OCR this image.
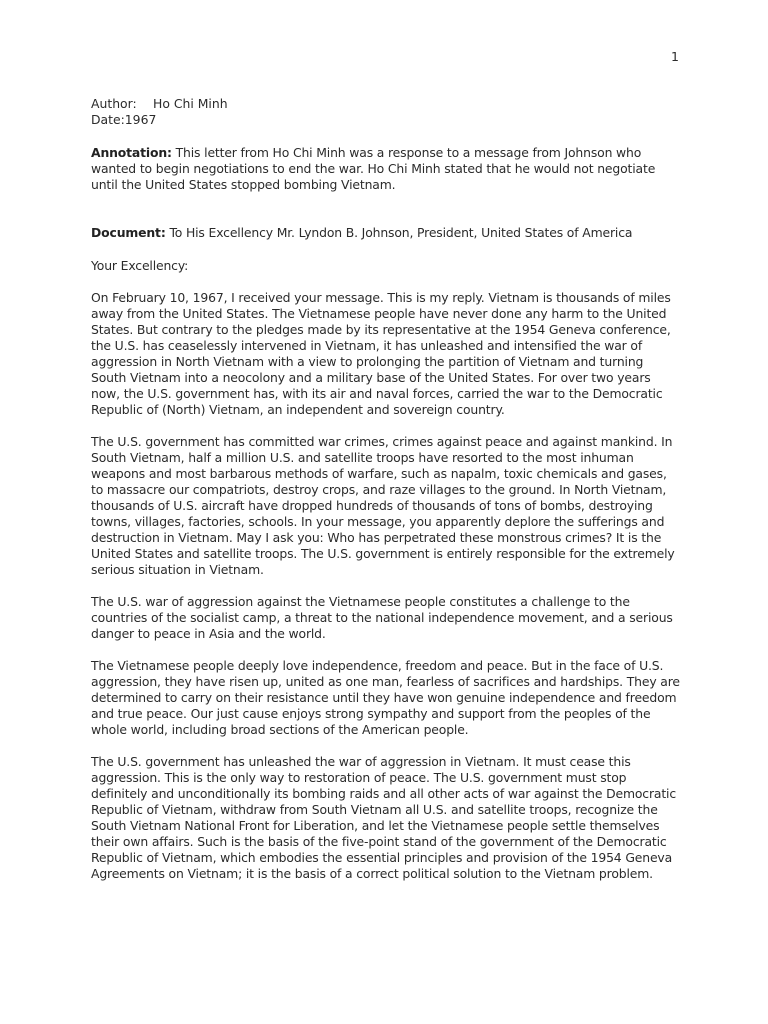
1

Author: Ho Chi Minh

Date:1967

Annotation: This letter from Ho Chi Minh was a response to a message from Johnson who wanted to begin negotiations to end the war. Ho Chi Minh stated that he would not negotiate until the United States stopped bombing Vietnam.

Document: To His Excellency Mr. Lyndon B. Johnson, President, United States of America

Your Excellency:

On February 10, 1967, I received your message. This is my reply. Vietnam is thousands of miles away from the United States. The Vietnamese people have never done any harm to the United States. But contrary to the pledges made by its representative at the 1954 Geneva conference, the U.S. has ceaselessly intervened in Vietnam, it has unleashed and intensified the war of aggression in North Vietnam with a view to prolonging the partition of Vietnam and turning South Vietnam into a neocolony and a military base of the United States. For over two years now, the U.S. government has, with its air and naval forces, carried the war to the Democratic Republic of (North) Vietnam, an independent and sovereign country.

The U.S. government has committed war crimes, crimes against peace and against mankind. In South Vietnam, half a million U.S. and satellite troops have resorted to the most inhuman weapons and most barbarous methods of warfare, such as napalm, toxic chemicals and gases, to massacre our compatriots, destroy crops, and raze villages to the ground. In North Vietnam, thousands of U.S. aircraft have dropped hundreds of thousands of tons of bombs, destroying towns, villages, factories, schools. In your message, you apparently deplore the sufferings and destruction in Vietnam. May I ask you: Who has perpetrated these monstrous crimes? It is the United States and satellite troops. The U.S. government is entirely responsible for the extremely serious situation in Vietnam.

The U.S. war of aggression against the Vietnamese people constitutes a challenge to the countries of the socialist camp, a threat to the national independence movement, and a serious danger to peace in Asia and the world.

The Vietnamese people deeply love independence, freedom and peace. But in the face of U.S. aggression, they have risen up, united as one man, fearless of sacrifices and hardships. They are determined to carry on their resistance until they have won genuine independence and freedom and true peace. Our just cause enjoys strong sympathy and support from the peoples of the whole world, including broad sections of the American people.

The U.S. government has unleashed the war of aggression in Vietnam. It must cease this aggression. This is the only way to restoration of peace. The U.S. government must stop definitely and unconditionally its bombing raids and all other acts of war against the Democratic Republic of Vietnam, withdraw from South Vietnam all U.S. and satellite troops, recognize the South Vietnam National Front for Liberation, and let the Vietnamese people settle themselves their own affairs. Such is the basis of the five-point stand of the government of the Democratic Republic of Vietnam, which embodies the essential principles and provision of the 1954 Geneva Agreements on Vietnam; it is the basis of a correct political solution to the Vietnam problem.
